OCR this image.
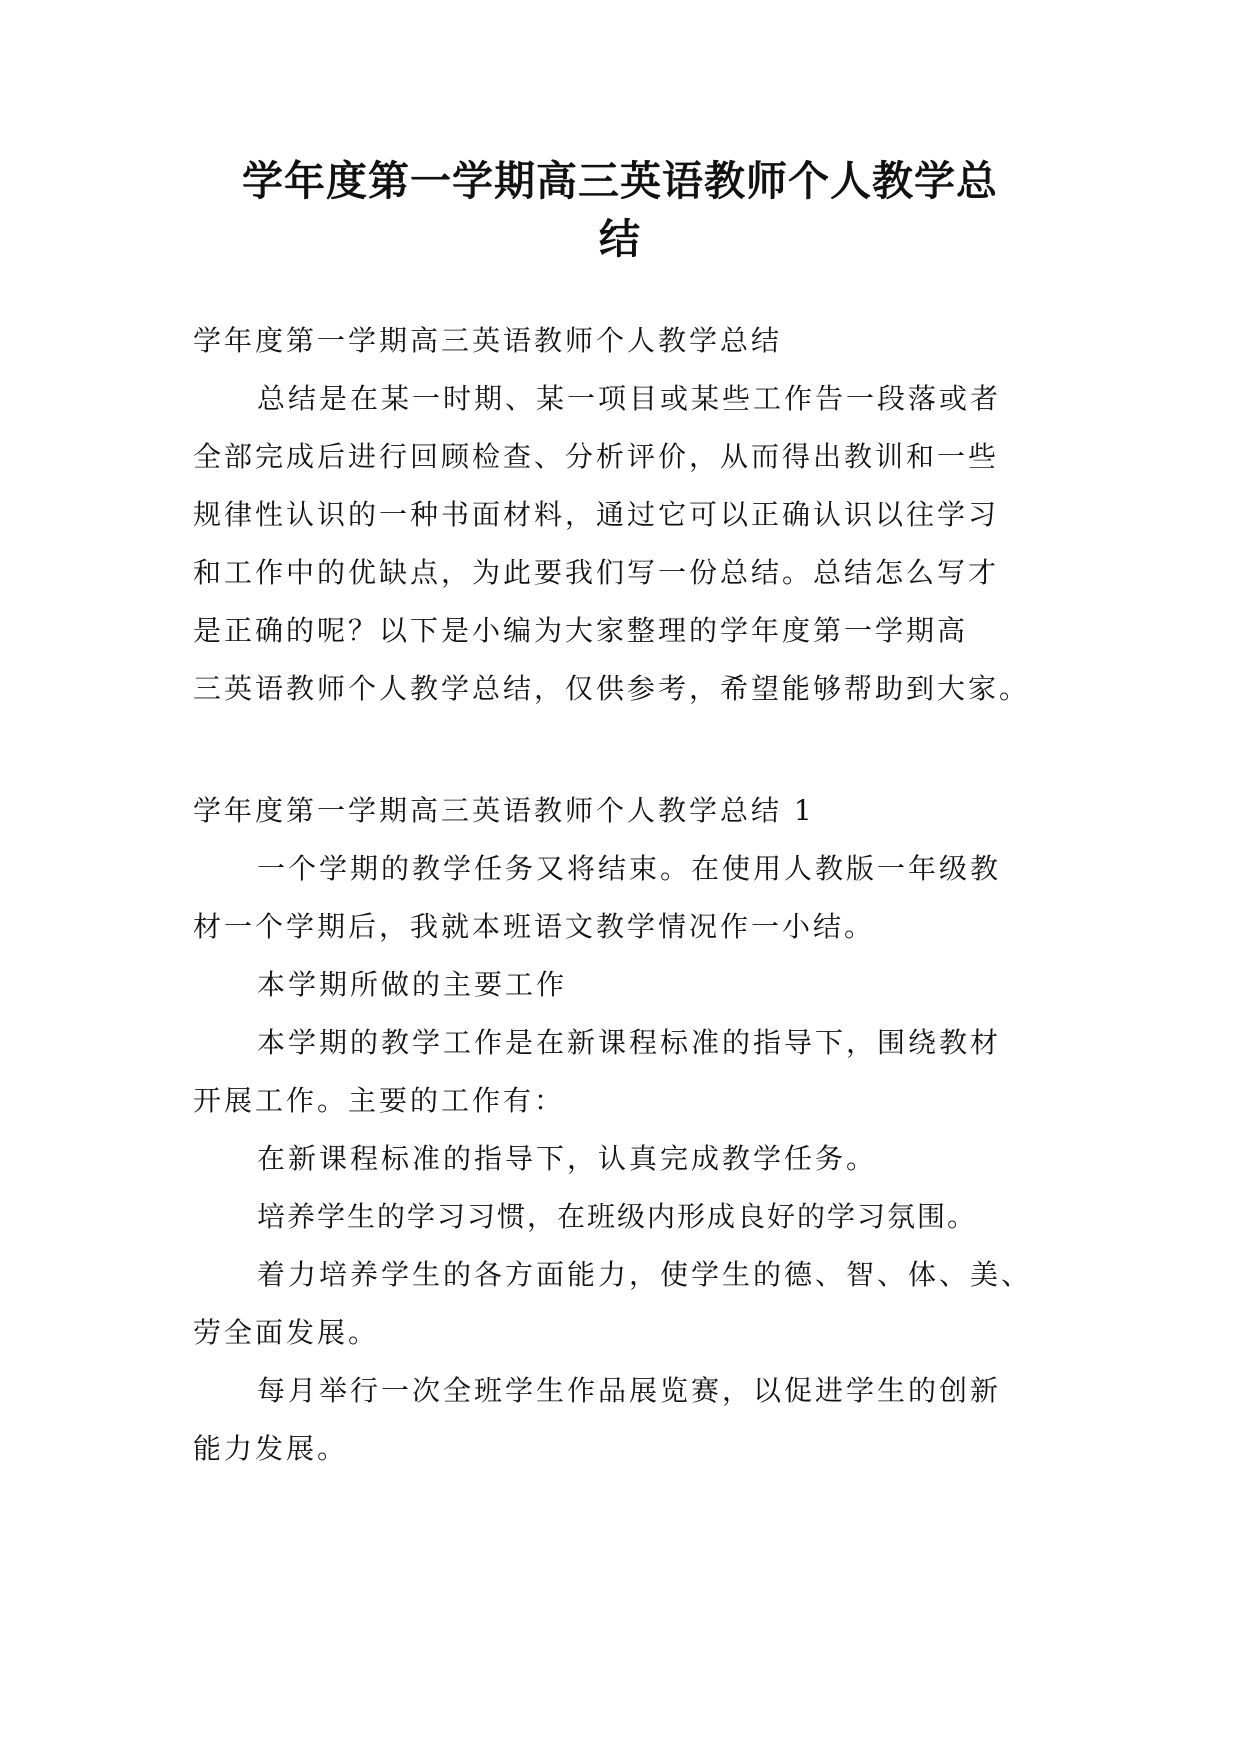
学年度第一学期高三英语教师个人教学总
结
学年度第一学期高三英语教师个人教学总结
总结是在某一时期、某一项目或某些工作告一段落或者
全部完成后进行回顾检查、分析评价，从而得出教训和一些
规律性认识的一种书面材料，通过它可以正确认识以往学习
和工作中的优缺点，为此要我们写一份总结。总结怎么写才
是正确的呢？以下是小编为大家整理的学年度第一学期高
三英语教师个人教学总结，仅供参考，希望能够帮助到大家。
学年度第一学期高三英语教师个人教学总结 1
一个学期的教学任务又将结束。在使用人教版一年级教
材一个学期后，我就本班语文教学情况作一小结。
本学期所做的主要工作
本学期的教学工作是在新课程标准的指导下，围绕教材
开展工作。主要的工作有：
在新课程标准的指导下，认真完成教学任务。
培养学生的学习习惯，在班级内形成良好的学习氛围。
着力培养学生的各方面能力，使学生的德、智、体、美、
劳全面发展。
每月举行一次全班学生作品展览赛，以促进学生的创新
能力发展。
